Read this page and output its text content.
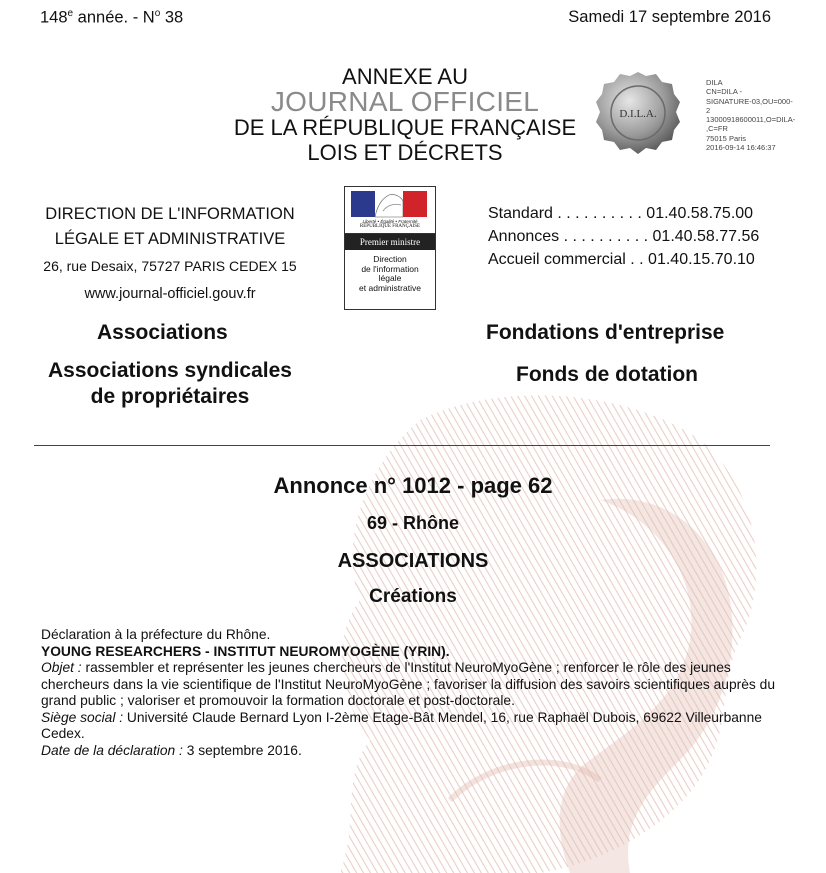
148e année. - $N^o$ 38	Samedi 17 septembre 2016
ANNEXE AU
JOURNAL OFFICIEL
DE LA RÉPUBLIQUE FRANÇAISE
LOIS ET DÉCRETS
D.I.L.A.
DILA
CN=DILA -
SIGNATURE-03,OU=000-
2
13000918600011,O=DILA-
,C=FR
75015 Paris
2016-09-14 16:46:37
DIRECTION DE L'INFORMATION
LÉGALE ET ADMINISTRATIVE
26, rue Desaix, 75727 PARIS CEDEX 15
www.journal-officiel.gouv.fr
Liberté • Égalité • Fraternité
RÉPUBLIQUE FRANÇAISE
Premier ministre
Direction
de l'information
légale
et administrative
Standard . . . . . . . . . . 01.40.58.75.00
Annonces . . . . . . . . . . 01.40.58.77.56
Accueil commercial . . 01.40.15.70.10
Associations
Associations syndicales
de propriétaires
Fondations d'entreprise
Fonds de dotation
Annonce n° 1012 - page 62
69 - Rhône
ASSOCIATIONS
Créations

Déclaration à la préfecture du Rhône.

YOUNG RESEARCHERS - INSTITUT NEUROMYOGÈNE (YRIN).

Objet : rassembler et représenter les jeunes chercheurs de l'Institut NeuroMyoGène ; renforcer le rôle des jeunes chercheurs dans la vie scientifique de l'Institut NeuroMyoGène ; favoriser la diffusion des savoirs scientifiques auprès du grand public ; valoriser et promouvoir la formation doctorale et post-doctorale.

Siège social : Université Claude Bernard Lyon I-2ème Etage-Bât Mendel, 16, rue Raphaël Dubois, 69622 Villeurbanne Cedex.

Date de la déclaration : 3 septembre 2016.
